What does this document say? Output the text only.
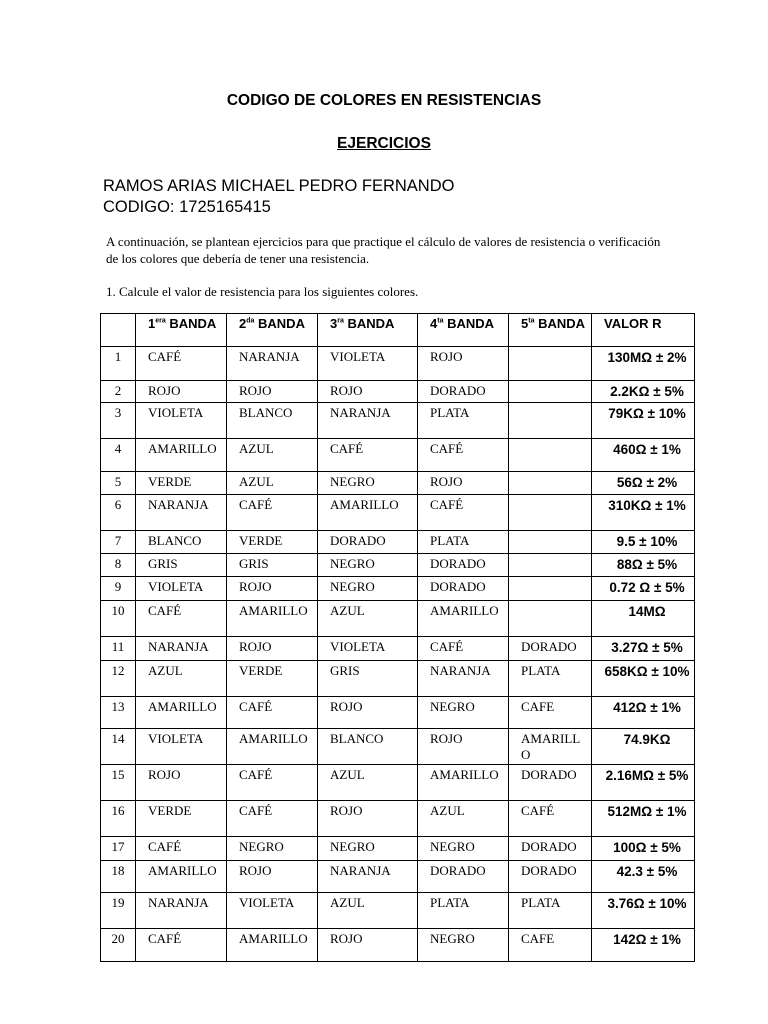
CODIGO DE COLORES EN RESISTENCIAS
EJERCICIOS
RAMOS ARIAS MICHAEL PEDRO FERNANDO
CODIGO: 1725165415
A continuación, se plantean ejercicios para que practique el cálculo de valores de resistencia o verificación de los colores que debería de tener una resistencia.
1. Calcule el valor de resistencia para los siguientes colores.
	$1^{era}$ BANDA	$2^{da}$ BANDA	$3^{ra}$ BANDA	$4^{ta}$ BANDA	$5^{ta}$ BANDA	VALOR R
1	CAFÉ	NARANJA	VIOLETA	ROJO		130MΩ ± 2%
2	ROJO	ROJO	ROJO	DORADO		2.2KΩ ± 5%
3	VIOLETA	BLANCO	NARANJA	PLATA		79KΩ ± 10%
4	AMARILLO	AZUL	CAFÉ	CAFÉ		460Ω ± 1%
5	VERDE	AZUL	NEGRO	ROJO		56Ω ± 2%
6	NARANJA	CAFÉ	AMARILLO	CAFÉ		310KΩ ± 1%
7	BLANCO	VERDE	DORADO	PLATA		9.5 ± 10%
8	GRIS	GRIS	NEGRO	DORADO		88Ω ± 5%
9	VIOLETA	ROJO	NEGRO	DORADO		0.72 Ω ± 5%
10	CAFÉ	AMARILLO	AZUL	AMARILLO		14MΩ
11	NARANJA	ROJO	VIOLETA	CAFÉ	DORADO	3.27Ω ± 5%
12	AZUL	VERDE	GRIS	NARANJA	PLATA	658KΩ ± 10%
13	AMARILLO	CAFÉ	ROJO	NEGRO	CAFE	412Ω ± 1%
14	VIOLETA	AMARILLO	BLANCO	ROJO	AMARILLO	74.9KΩ
15	ROJO	CAFÉ	AZUL	AMARILLO	DORADO	2.16MΩ ± 5%
16	VERDE	CAFÉ	ROJO	AZUL	CAFÉ	512MΩ ± 1%
17	CAFÉ	NEGRO	NEGRO	NEGRO	DORADO	100Ω ± 5%
18	AMARILLO	ROJO	NARANJA	DORADO	DORADO	42.3 ± 5%
19	NARANJA	VIOLETA	AZUL	PLATA	PLATA	3.76Ω ± 10%
20	CAFÉ	AMARILLO	ROJO	NEGRO	CAFE	142Ω ± 1%
